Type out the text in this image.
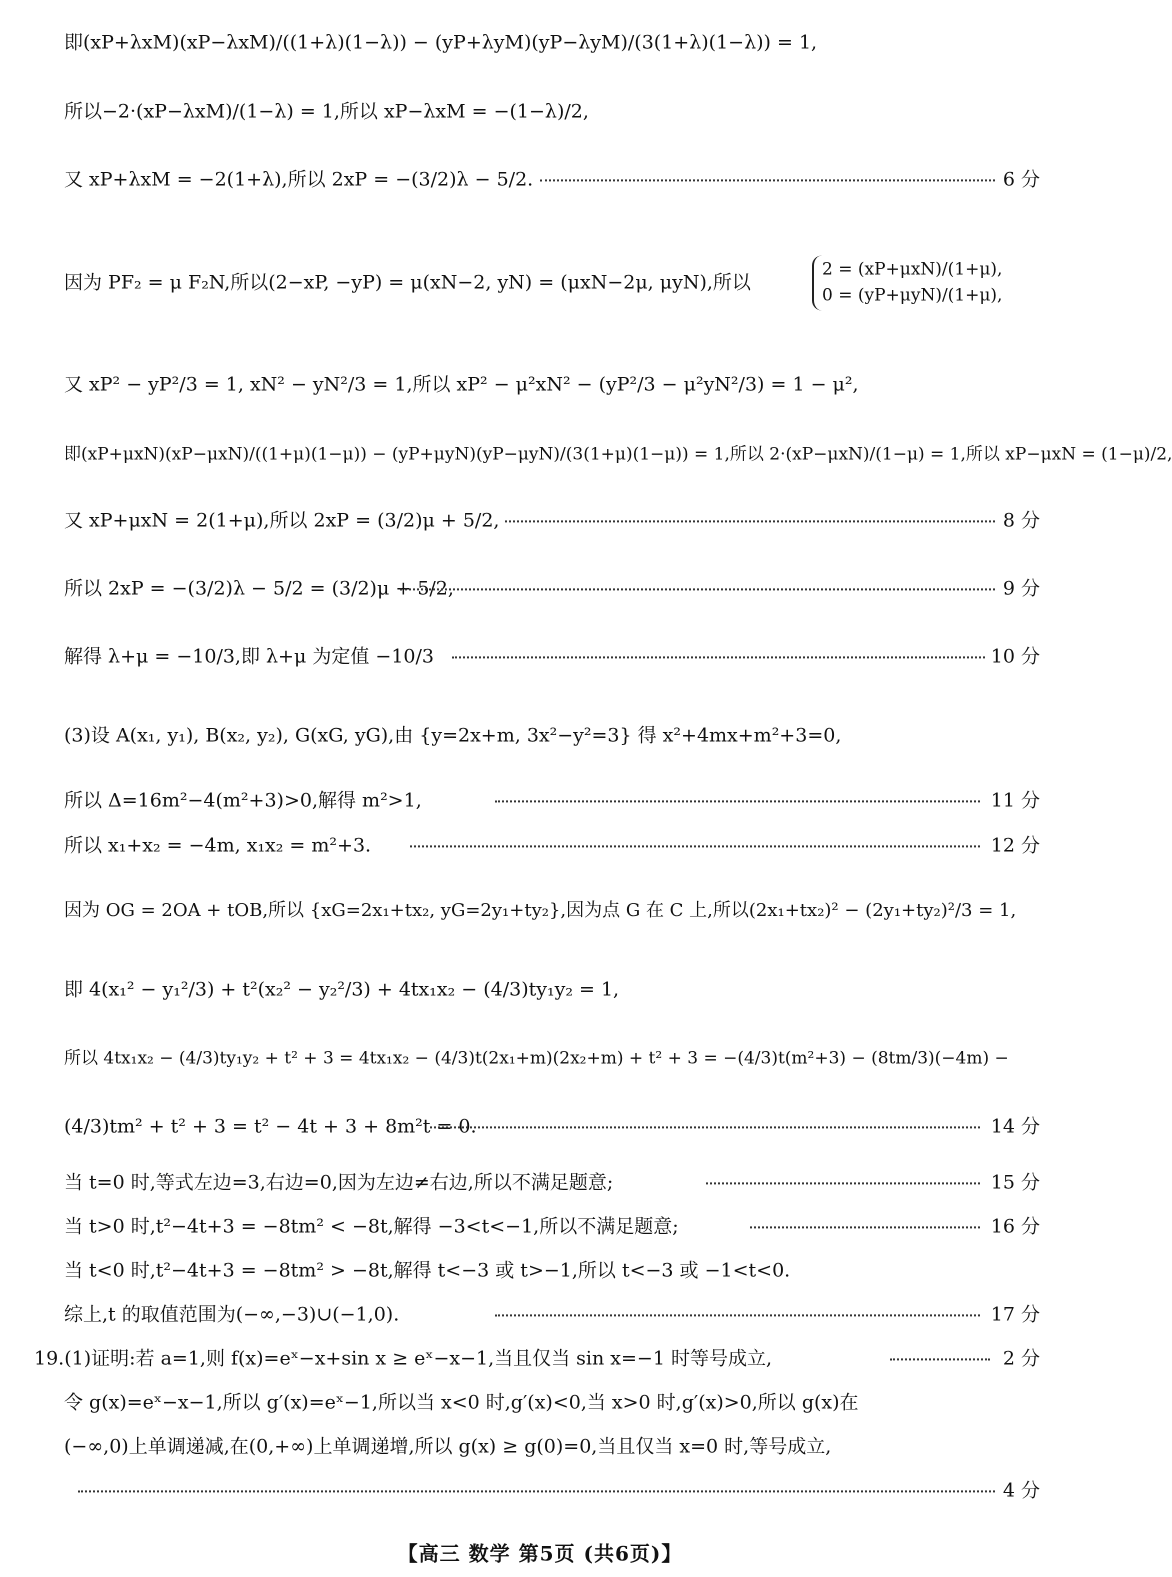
即(xP+λxM)(xP−λxM)/((1+λ)(1−λ)) − (yP+λyM)(yP−λyM)/(3(1+λ)(1−λ)) = 1,
所以−2·(xP−λxM)/(1−λ) = 1,所以 xP−λxM = −(1−λ)/2,
又 xP+λxM = −2(1+λ),所以 2xP = −(3/2)λ − 5/2.	6 分
因为 PF₂ = μ F₂N,所以(2−xP, −yP) = μ(xN−2, yN) = (μxN−2μ, μyN),所以
2 = (xP+μxN)/(1+μ),
0 = (yP+μyN)/(1+μ),
又 xP² − yP²/3 = 1, xN² − yN²/3 = 1,所以 xP² − μ²xN² − (yP²/3 − μ²yN²/3) = 1 − μ²,
即(xP+μxN)(xP−μxN)/((1+μ)(1−μ)) − (yP+μyN)(yP−μyN)/(3(1+μ)(1−μ)) = 1,所以 2·(xP−μxN)/(1−μ) = 1,所以 xP−μxN = (1−μ)/2,
又 xP+μxN = 2(1+μ),所以 2xP = (3/2)μ + 5/2,	8 分
所以 2xP = −(3/2)λ − 5/2 = (3/2)μ + 5/2,	9 分
解得 λ+μ = −10/3,即 λ+μ 为定值 −10/3	10 分
(3)设 A(x₁, y₁), B(x₂, y₂), G(xG, yG),由 {y=2x+m, 3x²−y²=3} 得 x²+4mx+m²+3=0,
所以 Δ=16m²−4(m²+3)>0,解得 m²>1,	11 分
所以 x₁+x₂ = −4m, x₁x₂ = m²+3.	12 分
因为 OG = 2OA + tOB,所以 {xG=2x₁+tx₂, yG=2y₁+ty₂},因为点 G 在 C 上,所以(2x₁+tx₂)² − (2y₁+ty₂)²/3 = 1,
即 4(x₁² − y₁²/3) + t²(x₂² − y₂²/3) + 4tx₁x₂ − (4/3)ty₁y₂ = 1,
所以 4tx₁x₂ − (4/3)ty₁y₂ + t² + 3 = 4tx₁x₂ − (4/3)t(2x₁+m)(2x₂+m) + t² + 3 = −(4/3)t(m²+3) − (8tm/3)(−4m) −
(4/3)tm² + t² + 3 = t² − 4t + 3 + 8m²t = 0.	14 分
当 t=0 时,等式左边=3,右边=0,因为左边≠右边,所以不满足题意;	15 分
当 t>0 时,t²−4t+3 = −8tm² < −8t,解得 −3<t<−1,所以不满足题意;	16 分
当 t<0 时,t²−4t+3 = −8tm² > −8t,解得 t<−3 或 t>−1,所以 t<−3 或 −1<t<0.
综上,t 的取值范围为(−∞,−3)∪(−1,0).	17 分
19.(1)证明:若 a=1,则 f(x)=eˣ−x+sin x ≥ eˣ−x−1,当且仅当 sin x=−1 时等号成立,	2 分
令 g(x)=eˣ−x−1,所以 g′(x)=eˣ−1,所以当 x<0 时,g′(x)<0,当 x>0 时,g′(x)>0,所以 g(x)在
(−∞,0)上单调递减,在(0,+∞)上单调递增,所以 g(x) ≥ g(0)=0,当且仅当 x=0 时,等号成立,
4 分
【高三 数学 第5页 (共6页)】
